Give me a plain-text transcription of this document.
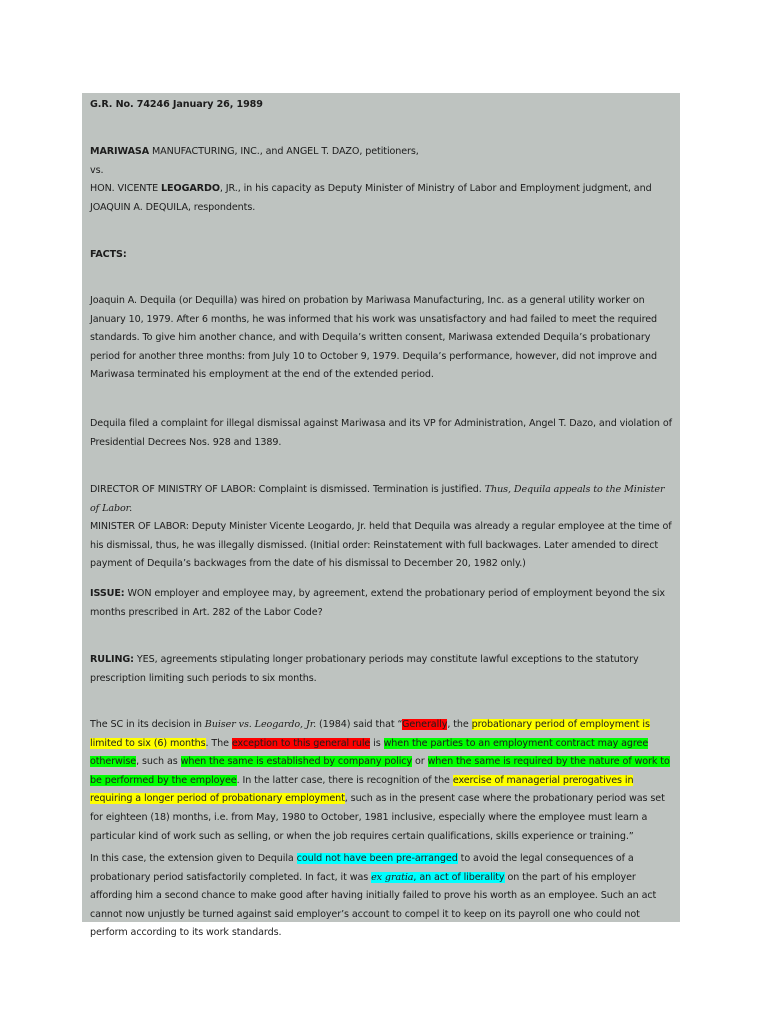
G.R. No. 74246 January 26, 1989
MARIWASA MANUFACTURING, INC., and ANGEL T. DAZO, petitioners,
vs.
HON. VICENTE LEOGARDO, JR., in his capacity as Deputy Minister of Ministry of Labor and Employment judgment, and JOAQUIN A. DEQUILA, respondents.
FACTS:
Joaquin A. Dequila (or Dequilla) was hired on probation by Mariwasa Manufacturing, Inc. as a general utility worker on January 10, 1979. After 6 months, he was informed that his work was unsatisfactory and had failed to meet the required standards. To give him another chance, and with Dequila’s written consent, Mariwasa extended Dequila’s probationary period for another three months: from July 10 to October 9, 1979. Dequila’s performance, however, did not improve and Mariwasa terminated his employment at the end of the extended period.
Dequila filed a complaint for illegal dismissal against Mariwasa and its VP for Administration, Angel T. Dazo, and violation of Presidential Decrees Nos. 928 and 1389.
DIRECTOR OF MINISTRY OF LABOR: Complaint is dismissed. Termination is justified. Thus, Dequila appeals to the Minister of Labor.
MINISTER OF LABOR: Deputy Minister Vicente Leogardo, Jr. held that Dequila was already a regular employee at the time of his dismissal, thus, he was illegally dismissed. (Initial order: Reinstatement with full backwages. Later amended to direct payment of Dequila’s backwages from the date of his dismissal to December 20, 1982 only.)
ISSUE: WON employer and employee may, by agreement, extend the probationary period of employment beyond the six months prescribed in Art. 282 of the Labor Code?
RULING: YES, agreements stipulating longer probationary periods may constitute lawful exceptions to the statutory prescription limiting such periods to six months.
The SC in its decision in Buiser vs. Leogardo, Jr. (1984) said that “Generally, the probationary period of employment is limited to six (6) months. The exception to this general rule is when the parties to an employment contract may agree otherwise, such as when the same is established by company policy or when the same is required by the nature of work to be performed by the employee. In the latter case, there is recognition of the exercise of managerial prerogatives in requiring a longer period of probationary employment, such as in the present case where the probationary period was set for eighteen (18) months, i.e. from May, 1980 to October, 1981 inclusive, especially where the employee must learn a particular kind of work such as selling, or when the job requires certain qualifications, skills experience or training.”
In this case, the extension given to Dequila could not have been pre-arranged to avoid the legal consequences of a probationary period satisfactorily completed. In fact, it was ex gratia, an act of liberality on the part of his employer affording him a second chance to make good after having initially failed to prove his worth as an employee. Such an act cannot now unjustly be turned against said employer’s account to compel it to keep on its payroll one who could not perform according to its work standards.
